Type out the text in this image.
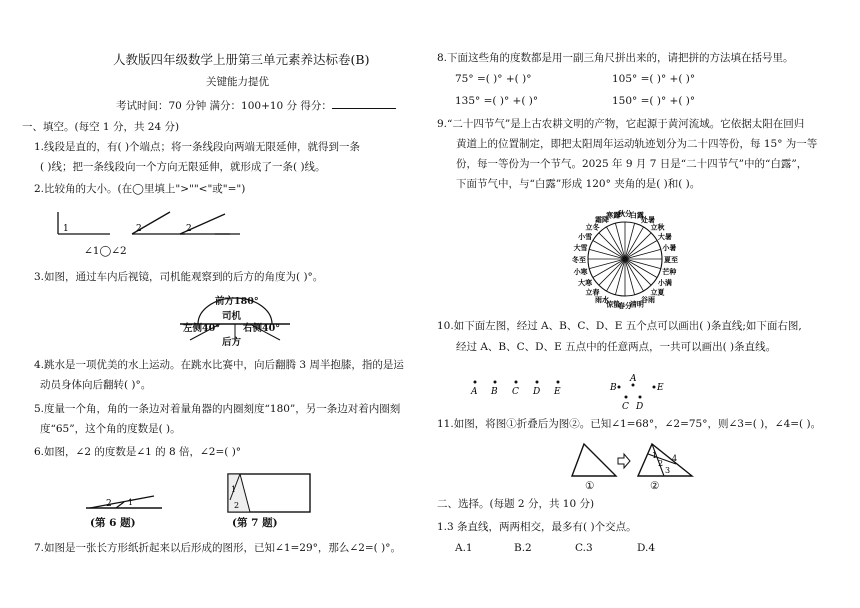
人教版四年级数学上册第三单元素养达标卷(B)
关键能力提优
考试时间：70 分钟 满分：100+10 分 得分：
一、填空。(每空 1 分，共 24 分)
1.线段是直的，有( )个端点；将一条线段向两端无限延伸，就得到一条
( )线；把一条线段向一个方向无限延伸，就形成了一条( )线。
2.比较角的大小。(在◯里填上">""<"或"=")
1	2	2
∠1◯∠2
3.如图，通过车内后视镜，司机能观察到的后方的角度为( )°。
前方180°
司机
左侧40° 右侧40°
后方
4.跳水是一项优美的水上运动。在跳水比赛中，向后翻腾 3 周半抱膝，指的是运
动员身体向后翻转( )°。
5.度量一个角，角的一条边对着量角器的内圈刻度“180”，另一条边对着内圈刻
度“65”，这个角的度数是( )。
6.如图，∠2 的度数是∠1 的 8 倍，∠2=( )°
2 1
(第 6 题)
1
2
(第 7 题)
7.如图是一张长方形纸折起来以后形成的图形，已知∠1=29°，那么∠2=( )°。
8.下面这些角的度数都是用一副三角尺拼出来的，请把拼的方法填在括号里。
75° =( )° +( )°	105° =( )° +( )°
135° =( )° +( )°	150° =( )° +( )°
9.“二十四节气”是上古农耕文明的产物，它起源于黄河流域。它依据太阳在回归
黄道上的位置制定，即把太阳周年运动轨迹划分为二十四等份，每 15° 为一等
份，每一等份为一个节气。2025 年 9 月 7 日是“二十四节气”中的“白露”，
下面节气中，与“白露”形成 120° 夹角的是( )和( )。
夏至
小暑
大暑
立秋
处暑
白露
秋分
寒露
霜降
立冬
小雪
大雪
冬至
小寒
大寒
立春
雨水
惊蛰
春分
清明
谷雨
立夏
小满
芒种
10.如下面左图，经过 A、B、C、D、E 五个点可以画出( )条直线;如下面右图,
经过 A、B、C、D、E 五点中的任意两点，一共可以画出( )条直线。
A B C D E
A
B	E
C D
11.如图，将图①折叠后为图②。已知∠1=68°，∠2=75°，则∠3=( )，∠4=( )。
1
2
3
4
①	②
二、选择。(每题 2 分，共 10 分)
1.3 条直线，两两相交，最多有( )个交点。
A.1	B.2	C.3	D.4
